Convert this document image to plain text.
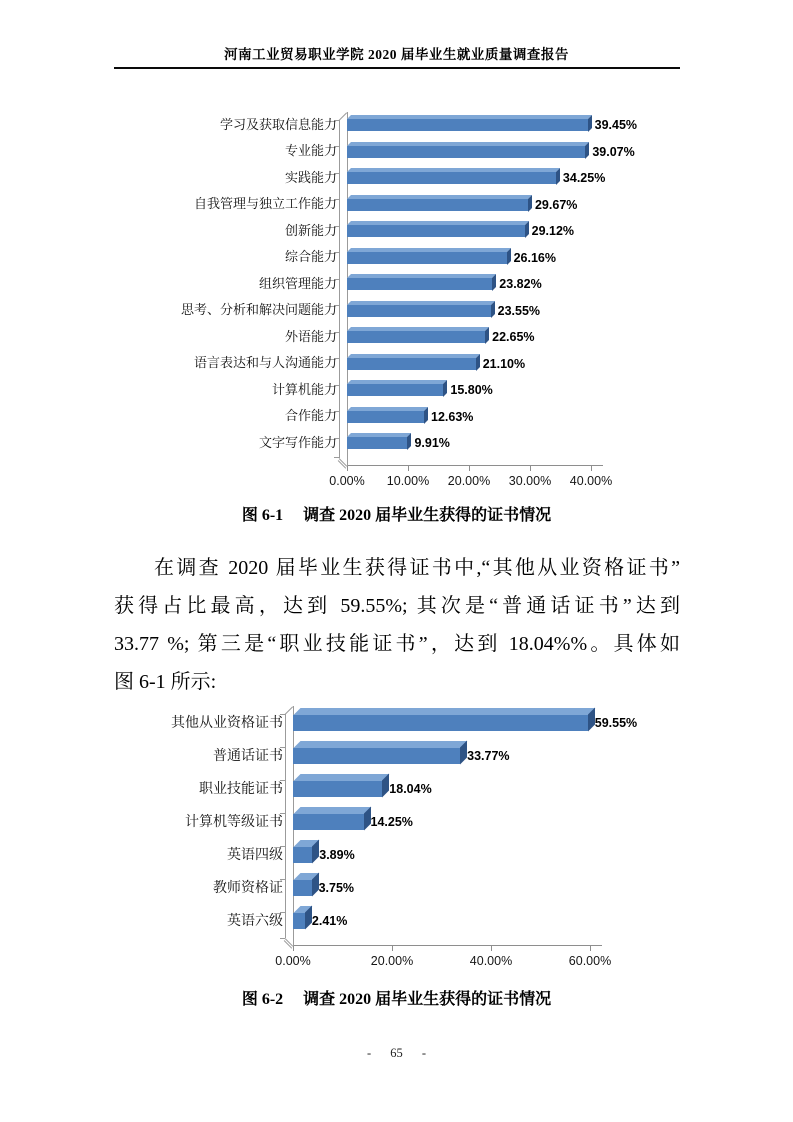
河南工业贸易职业学院 2020 届毕业生就业质量调查报告
学习及获取信息能力	39.45%
专业能力	39.07%
实践能力	34.25%
自我管理与独立工作能力	29.67%
创新能力	29.12%
综合能力	26.16%
组织管理能力	23.82%
思考、分析和解决问题能力	23.55%
外语能力	22.65%
语言表达和与人沟通能力	21.10%
计算机能力	15.80%
合作能力	12.63%
文字写作能力	9.91%
0.00% 10.00% 20.00% 30.00% 40.00%
图 6-1 调查 2020 届毕业生获得的证书情况
在调查 2020 届毕业生获得证书中,“其他从业资格证书”
获得占比最高，达到 59.55%; 其次是“普通话证书”达到
33.77 %; 第三是“职业技能证书”，达到 18.04%%。具体如
图 6-1 所示:
其他从业资格证书	59.55%
普通话证书	33.77%
职业技能证书	18.04%
计算机等级证书	14.25%
英语四级	3.89%
教师资格证	3.75%
英语六级	2.41%
0.00%	20.00%	40.00%	60.00%
图 6-2 调查 2020 届毕业生获得的证书情况
- 65 -
